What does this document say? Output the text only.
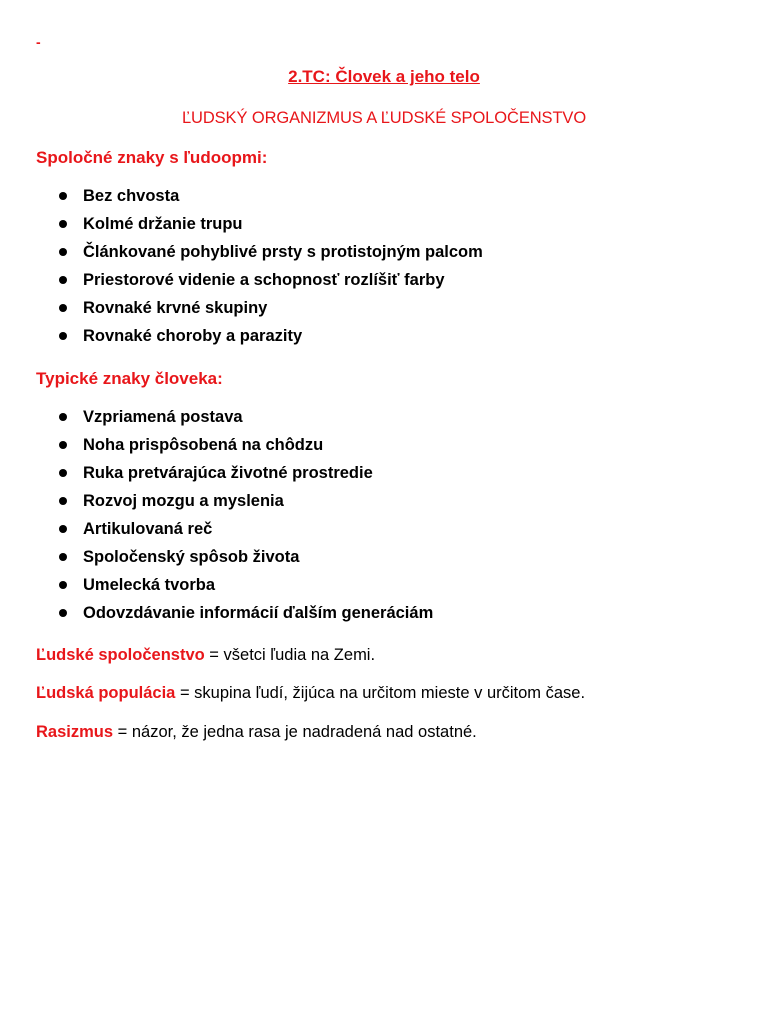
-
2.TC: Človek a jeho telo
ĽUDSKÝ ORGANIZMUS A ĽUDSKÉ SPOLOČENSTVO
Spoločné znaky s ľudoopmi:
Bez chvosta
Kolmé držanie trupu
Článkované pohyblivé prsty s protistojným palcom
Priestorové videnie a schopnosť rozlíšiť farby
Rovnaké krvné skupiny
Rovnaké choroby a parazity
Typické znaky človeka:
Vzpriamená postava
Noha prispôsobená na chôdzu
Ruka pretvárajúca životné prostredie
Rozvoj mozgu a myslenia
Artikulovaná reč
Spoločenský spôsob života
Umelecká tvorba
Odovzdávanie informácií ďalším generáciám
Ľudské spoločenstvo = všetci ľudia na Zemi.
Ľudská populácia = skupina ľudí, žijúca na určitom mieste v určitom čase.
Rasizmus = názor, že jedna rasa je nadradená nad ostatné.
